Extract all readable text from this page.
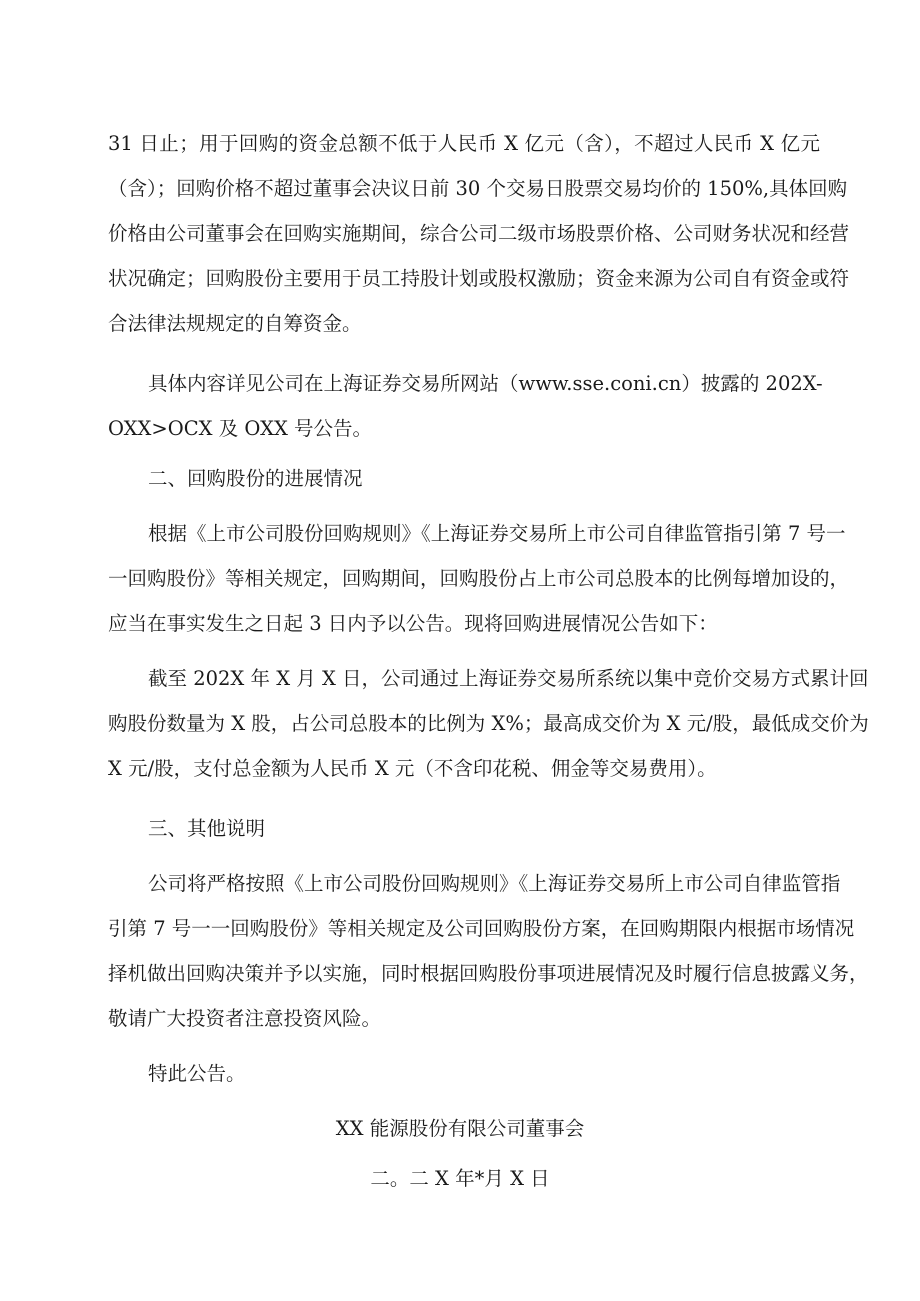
31 日止；用于回购的资金总额不低于人民币 X 亿元（含），不超过人民币 X 亿元
（含）；回购价格不超过董事会决议日前 30 个交易日股票交易均价的 150%,具体回购
价格由公司董事会在回购实施期间，综合公司二级市场股票价格、公司财务状况和经营
状况确定；回购股份主要用于员工持股计划或股权激励；资金来源为公司自有资金或符
合法律法规规定的自筹资金。
具体内容详见公司在上海证券交易所网站（www.sse.coni.cn）披露的 202X-
OXX>OCX 及 OXX 号公告。
二、回购股份的进展情况
根据《上市公司股份回购规则》《上海证券交易所上市公司自律监管指引第 7 号一
一回购股份》等相关规定，回购期间，回购股份占上市公司总股本的比例每增加设的，
应当在事实发生之日起 3 日内予以公告。现将回购进展情况公告如下：
截至 202X 年 X 月 X 日，公司通过上海证券交易所系统以集中竞价交易方式累计回
购股份数量为 X 股，占公司总股本的比例为 X%；最高成交价为 X 元/股，最低成交价为
X 元/股，支付总金额为人民币 X 元（不含印花税、佣金等交易费用）。
三、其他说明
公司将严格按照《上市公司股份回购规则》《上海证券交易所上市公司自律监管指
引第 7 号一一回购股份》等相关规定及公司回购股份方案，在回购期限内根据市场情况
择机做出回购决策并予以实施，同时根据回购股份事项进展情况及时履行信息披露义务，
敬请广大投资者注意投资风险。
特此公告。
XX 能源股份有限公司董事会
二。二 X 年*月 X 日
